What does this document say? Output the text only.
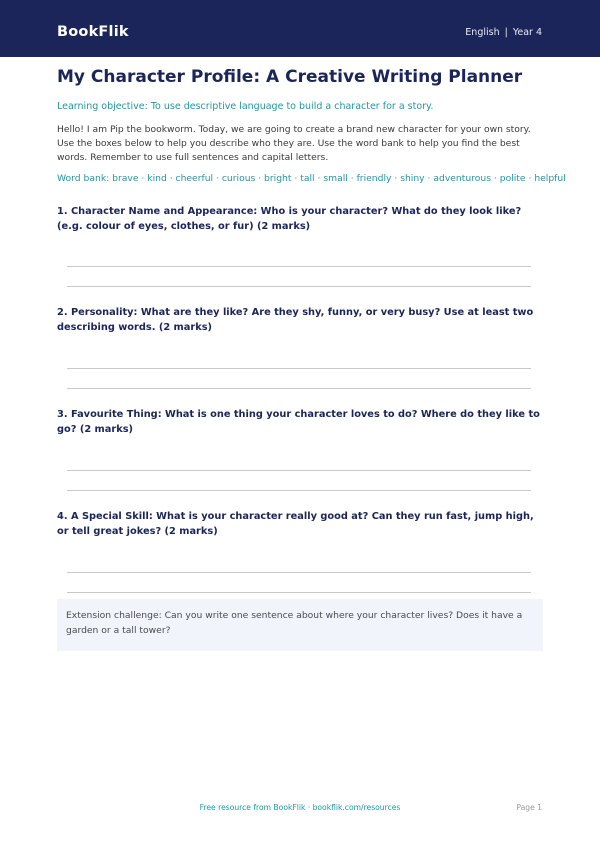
BookFlik	English | Year 4
My Character Profile: A Creative Writing Planner
Learning objective: To use descriptive language to build a character for a story.
Hello! I am Pip the bookworm. Today, we are going to create a brand new character for your own story. Use the boxes below to help you describe who they are. Use the word bank to help you find the best words. Remember to use full sentences and capital letters.
Word bank: brave · kind · cheerful · curious · bright · tall · small · friendly · shiny · adventurous · polite · helpful
1. Character Name and Appearance: Who is your character? What do they look like? (e.g. colour of eyes, clothes, or fur) (2 marks)
2. Personality: What are they like? Are they shy, funny, or very busy? Use at least two describing words. (2 marks)
3. Favourite Thing: What is one thing your character loves to do? Where do they like to go? (2 marks)
4. A Special Skill: What is your character really good at? Can they run fast, jump high, or tell great jokes? (2 marks)
Extension challenge: Can you write one sentence about where your character lives? Does it have a garden or a tall tower?
Free resource from BookFlik · bookflik.com/resources	Page 1
